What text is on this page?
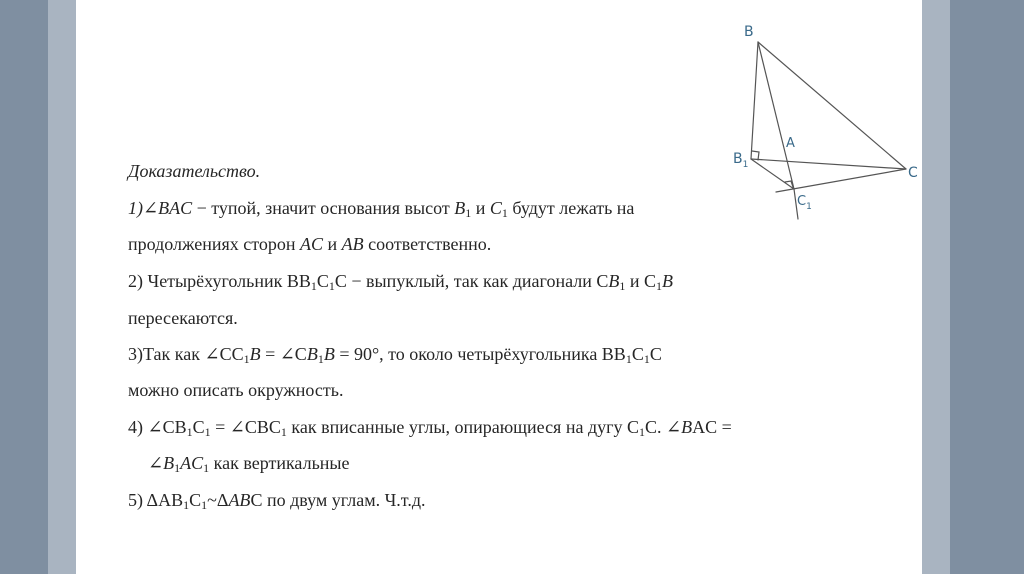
Доказательство.
1)∠BAC − тупой, значит основания высот $B_1$ и $C_1$ будут лежать на
продолжениях сторон AC и AB соответственно.
2) Четырёхугольник $BB_1C_1C$ − выпуклый, так как диагонали $CB_1$ и $C_1B$
пересекаются.
3)Так как $\angle CC_1B$ = $\angle CB_1B = 90^\circ$, то около четырёхугольника $BB_1C_1C$
можно описать окружность.
4) $\angle CB_1C_1$ = $\angle CBC_1$ как вписанные углы, опирающиеся на дугу $C_1C$. ∠BAC =
$\angle B_1AC_1$ как вертикальные
5) $\Delta AB_1C_1\sim\Delta ABC$ по двум углам. Ч.т.д.
B
$B_1$
A
C
$C_1$
